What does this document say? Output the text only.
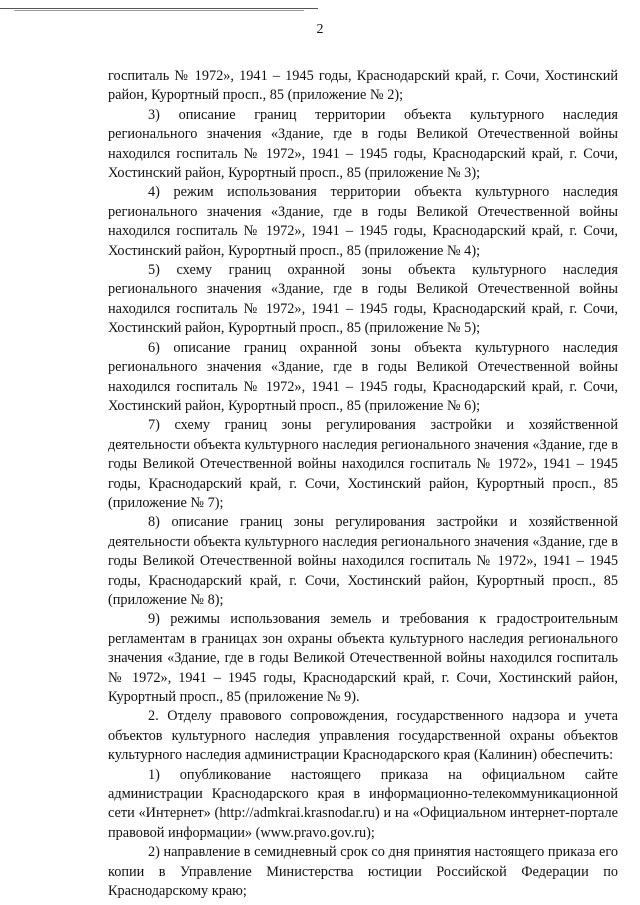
2

госпиталь № 1972», 1941 – 1945 годы, Краснодарский край, г. Сочи, Хостинский район, Курортный просп., 85 (приложение № 2);

3) описание границ территории объекта культурного наследия регионального значения «Здание, где в годы Великой Отечественной войны находился госпиталь № 1972», 1941 – 1945 годы, Краснодарский край, г. Сочи, Хостинский район, Курортный просп., 85 (приложение № 3);

4) режим использования территории объекта культурного наследия регионального значения «Здание, где в годы Великой Отечественной войны находился госпиталь № 1972», 1941 – 1945 годы, Краснодарский край, г. Сочи, Хостинский район, Курортный просп., 85 (приложение № 4);

5) схему границ охранной зоны объекта культурного наследия регионального значения «Здание, где в годы Великой Отечественной войны находился госпиталь № 1972», 1941 – 1945 годы, Краснодарский край, г. Сочи, Хостинский район, Курортный просп., 85 (приложение № 5);

6) описание границ охранной зоны объекта культурного наследия регионального значения «Здание, где в годы Великой Отечественной войны находился госпиталь № 1972», 1941 – 1945 годы, Краснодарский край, г. Сочи, Хостинский район, Курортный просп., 85 (приложение № 6);

7) схему границ зоны регулирования застройки и хозяйственной деятельности объекта культурного наследия регионального значения «Здание, где в годы Великой Отечественной войны находился госпиталь № 1972», 1941 – 1945 годы, Краснодарский край, г. Сочи, Хостинский район, Курортный просп., 85 (приложение № 7);

8) описание границ зоны регулирования застройки и хозяйственной деятельности объекта культурного наследия регионального значения «Здание, где в годы Великой Отечественной войны находился госпиталь № 1972», 1941 – 1945 годы, Краснодарский край, г. Сочи, Хостинский район, Курортный просп., 85 (приложение № 8);

9) режимы использования земель и требования к градостроительным регламентам в границах зон охраны объекта культурного наследия регионального значения «Здание, где в годы Великой Отечественной войны находился госпиталь № 1972», 1941 – 1945 годы, Краснодарский край, г. Сочи, Хостинский район, Курортный просп., 85 (приложение № 9).

2. Отделу правового сопровождения, государственного надзора и учета объектов культурного наследия управления государственной охраны объектов культурного наследия администрации Краснодарского края (Калинин) обеспечить:

1) опубликование настоящего приказа на официальном сайте администрации Краснодарского края в информационно-телекоммуникационной сети «Интернет» (http://admkrai.krasnodar.ru) и на «Официальном интернет-портале правовой информации» (www.pravo.gov.ru);

2) направление в семидневный срок со дня принятия настоящего приказа его копии в Управление Министерства юстиции Российской Федерации по Краснодарскому краю;
